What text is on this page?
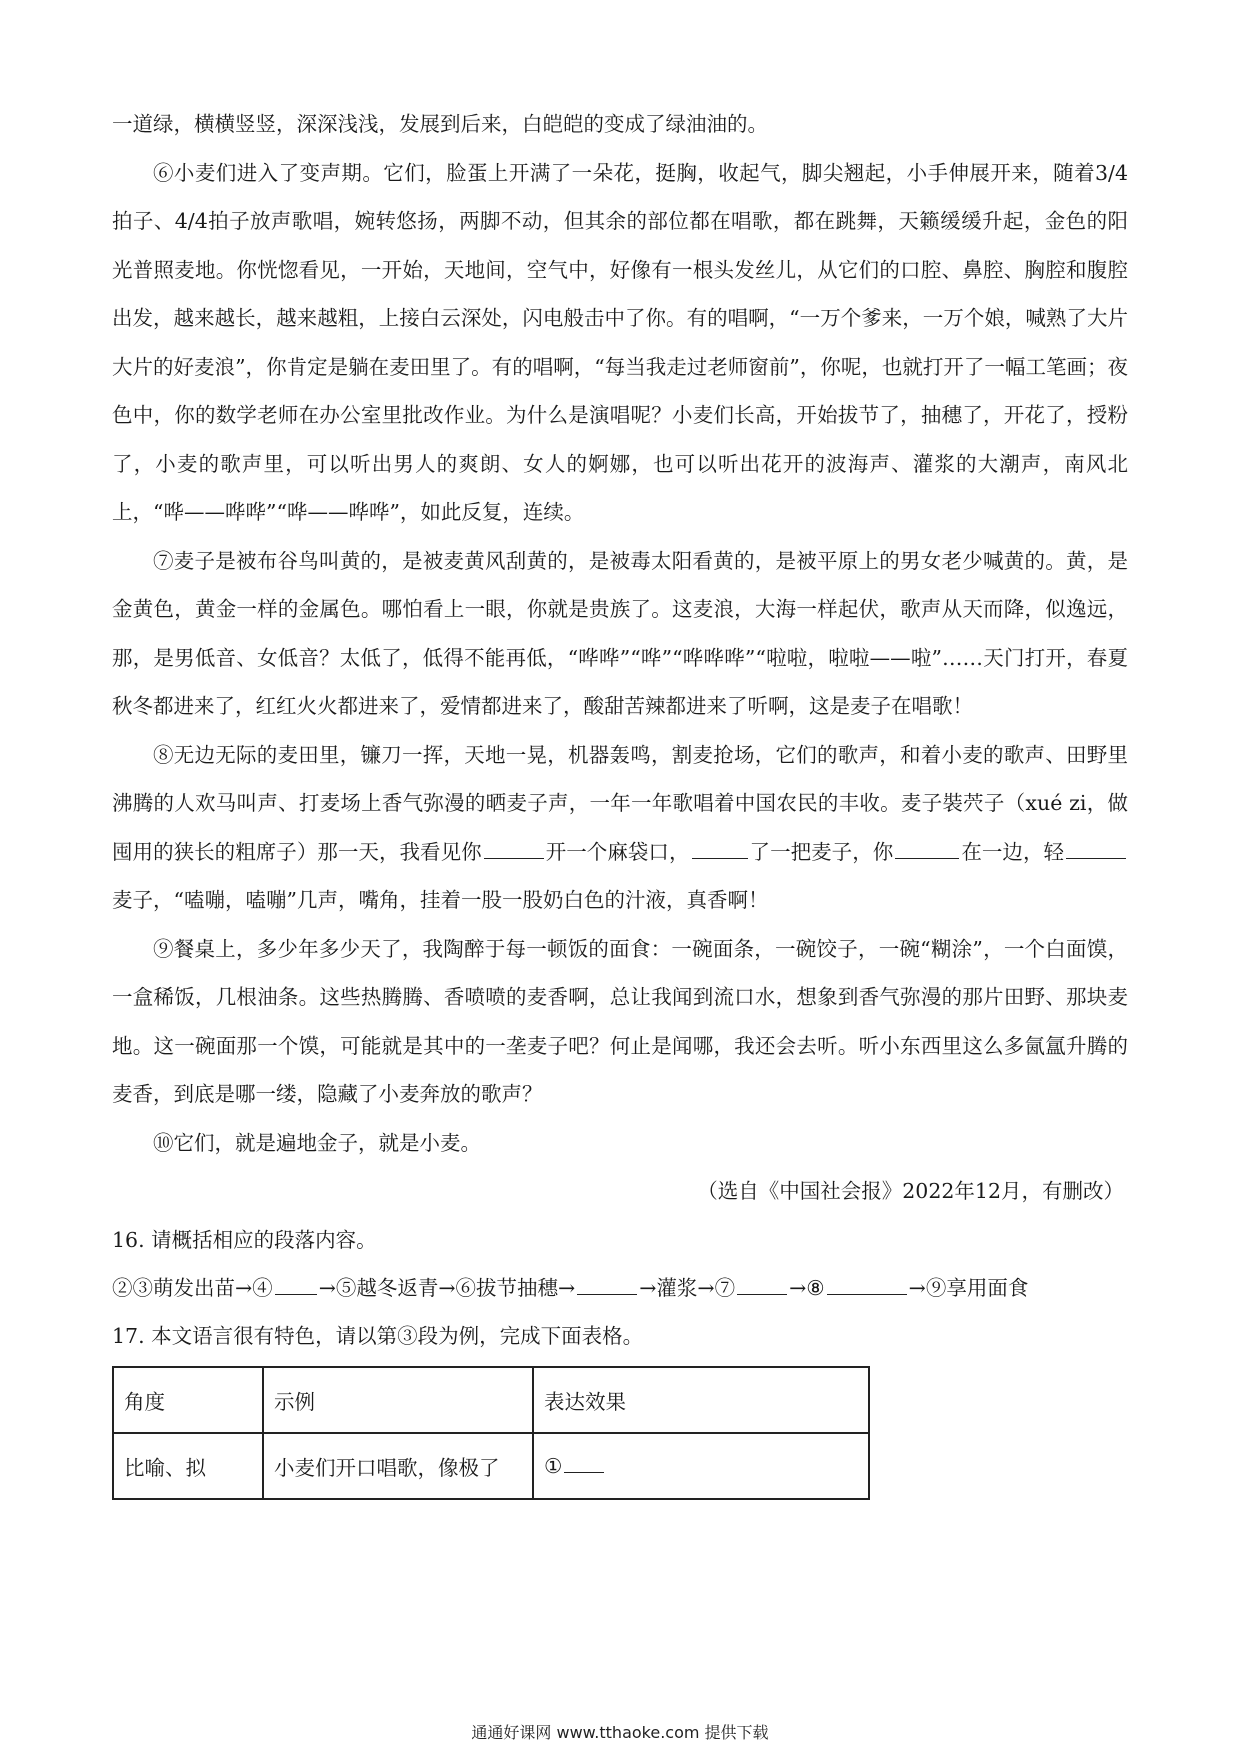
一道绿，横横竖竖，深深浅浅，发展到后来，白皑皑的变成了绿油油的。

⑥小麦们进入了变声期。它们，脸蛋上开满了一朵花，挺胸，收起气，脚尖翘起，小手伸展开来，随着3/4拍子、4/4拍子放声歌唱，婉转悠扬，两脚不动，但其余的部位都在唱歌，都在跳舞，天籁缓缓升起，金色的阳光普照麦地。你恍惚看见，一开始，天地间，空气中，好像有一根头发丝儿，从它们的口腔、鼻腔、胸腔和腹腔出发，越来越长，越来越粗，上接白云深处，闪电般击中了你。有的唱啊，“一万个爹来，一万个娘，喊熟了大片大片的好麦浪”，你肯定是躺在麦田里了。有的唱啊，“每当我走过老师窗前”，你呢，也就打开了一幅工笔画；夜色中，你的数学老师在办公室里批改作业。为什么是演唱呢？小麦们长高，开始拔节了，抽穗了，开花了，授粉了，小麦的歌声里，可以听出男人的爽朗、女人的婀娜，也可以听出花开的波海声、灌浆的大潮声，南风北上，“哗——哗哗”“哗——哗哗”，如此反复，连续。

⑦麦子是被布谷鸟叫黄的，是被麦黄风刮黄的，是被毒太阳看黄的，是被平原上的男女老少喊黄的。黄，是金黄色，黄金一样的金属色。哪怕看上一眼，你就是贵族了。这麦浪，大海一样起伏，歌声从天而降，似逸远，那，是男低音、女低音？太低了，低得不能再低，“哗哗”“哗”“哗哗哗”“啦啦，啦啦——啦”……天门打开，春夏秋冬都进来了，红红火火都进来了，爱情都进来了，酸甜苦辣都进来了听啊，这是麦子在唱歌！

⑧无边无际的麦田里，镰刀一挥，天地一晃，机器轰鸣，割麦抢场，它们的歌声，和着小麦的歌声、田野里沸腾的人欢马叫声、打麦场上香气弥漫的晒麦子声，一年一年歌唱着中国农民的丰收。麦子裝茓子（xué zi，做囤用的狭长的粗席子）那一天，我看见你	开一个麻袋口，	了一把麦子，你	在一边，轻麦子，“嗑嘣，嗑嘣”几声，嘴角，挂着一股一股奶白色的汁液，真香啊！

⑨餐桌上，多少年多少天了，我陶醉于每一顿饭的面食：一碗面条，一碗饺子，一碗“糊涂”，一个白面馍，一盒稀饭，几根油条。这些热腾腾、香喷喷的麦香啊，总让我闻到流口水，想象到香气弥漫的那片田野、那块麦地。这一碗面那一个馍，可能就是其中的一垄麦子吧？何止是闻哪，我还会去听。听小东西里这么多氤氲升腾的麦香，到底是哪一缕，隐藏了小麦奔放的歌声？

⑩它们，就是遍地金子，就是小麦。

（选自《中国社会报》2022年12月，有删改）

16. 请概括相应的段落内容。

②③萌发出苗→④ →⑤越冬返青→⑥拔节抽穗→	→灌浆→⑦	→⑧	→⑨享用面食

17. 本文语言很有特色，请以第③段为例，完成下面表格。

角度	示例	表达效果
比喻、拟	小麦们开口唱歌，像极了	①
通通好课网 www.tthaoke.com 提供下载
